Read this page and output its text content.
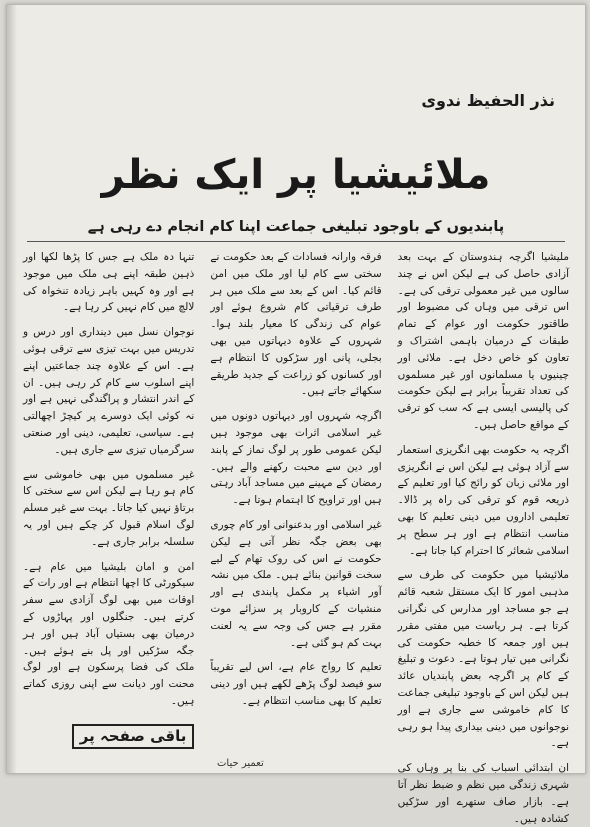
نذر الحفیظ ندوی
ملائیشیا پر ایک نظر
پابندیوں کے باوجود تبلیغی جماعت اپنا کام انجام دے رہی ہے

ملیشیا اگرچہ ہندوستان کے بہت بعد آزادی حاصل کی ہے لیکن اس نے چند سالوں میں غیر معمولی ترقی کی ہے۔ اس ترقی میں وہاں کی مضبوط اور طاقتور حکومت اور عوام کے تمام طبقات کے درمیان باہمی اشتراک و تعاون کو خاص دخل ہے۔ ملائی اور چینیوں یا مسلمانوں اور غیر مسلموں کی تعداد تقریباً برابر ہے لیکن حکومت کی پالیسی ایسی ہے کہ سب کو ترقی کے مواقع حاصل ہیں۔

اگرچہ یہ حکومت بھی انگریزی استعمار سے آزاد ہوئی ہے لیکن اس نے انگریزی اور ملائی زبان کو رائج کیا اور تعلیم کے ذریعہ قوم کو ترقی کی راہ پر ڈالا۔ تعلیمی اداروں میں دینی تعلیم کا بھی مناسب انتظام ہے اور ہر سطح پر اسلامی شعائر کا احترام کیا جاتا ہے۔

ملائیشیا میں حکومت کی طرف سے مذہبی امور کا ایک مستقل شعبہ قائم ہے جو مساجد اور مدارس کی نگرانی کرتا ہے۔ ہر ریاست میں مفتی مقرر ہیں اور جمعہ کا خطبہ حکومت کی نگرانی میں تیار ہوتا ہے۔ دعوت و تبلیغ کے کام پر اگرچہ بعض پابندیاں عائد ہیں لیکن اس کے باوجود تبلیغی جماعت کا کام خاموشی سے جاری ہے اور نوجوانوں میں دینی بیداری پیدا ہو رہی ہے۔

ان ابتدائی اسباب کی بنا پر وہاں کی شہری زندگی میں نظم و ضبط نظر آتا ہے۔ بازار صاف ستھرے اور سڑکیں کشادہ ہیں۔

فرقہ وارانہ فسادات کے بعد حکومت نے سختی سے کام لیا اور ملک میں امن قائم کیا۔ اس کے بعد سے ملک میں ہر طرف ترقیاتی کام شروع ہوئے اور عوام کی زندگی کا معیار بلند ہوا۔ شہروں کے علاوہ دیہاتوں میں بھی بجلی، پانی اور سڑکوں کا انتظام ہے اور کسانوں کو زراعت کے جدید طریقے سکھائے جاتے ہیں۔

اگرچہ شہروں اور دیہاتوں دونوں میں غیر اسلامی اثرات بھی موجود ہیں لیکن عمومی طور پر لوگ نماز کے پابند اور دین سے محبت رکھنے والے ہیں۔ رمضان کے مہینے میں مساجد آباد رہتی ہیں اور تراویح کا اہتمام ہوتا ہے۔

غیر اسلامی اور بدعنوانی اور کام چوری بھی بعض جگہ نظر آتی ہے لیکن حکومت نے اس کی روک تھام کے لیے سخت قوانین بنائے ہیں۔ ملک میں نشہ آور اشیاء پر مکمل پابندی ہے اور منشیات کے کاروبار پر سزائے موت مقرر ہے جس کی وجہ سے یہ لعنت بہت کم ہو گئی ہے۔

تعلیم کا رواج عام ہے، اس لیے تقریباً سو فیصد لوگ پڑھے لکھے ہیں اور دینی تعلیم کا بھی مناسب انتظام ہے۔

تنہا دہ ملک ہے جس کا پڑھا لکھا اور ذہین طبقہ اپنے ہی ملک میں موجود ہے اور وہ کہیں باہر زیادہ تنخواہ کی لالچ میں کام نہیں کر رہا ہے۔

نوجوان نسل میں دینداری اور درس و تدریس میں بہت تیزی سے ترقی ہوئی ہے۔ اس کے علاوہ چند جماعتیں اپنے اپنے اسلوب سے کام کر رہی ہیں۔ ان کے اندر انتشار و پراگندگی نہیں ہے اور نہ کوئی ایک دوسرے پر کیچڑ اچھالتی ہے۔ سیاسی، تعلیمی، دینی اور صنعتی سرگرمیاں تیزی سے جاری ہیں۔

غیر مسلموں میں بھی خاموشی سے کام ہو رہا ہے لیکن اس سے سختی کا برتاؤ نہیں کیا جاتا۔ بہت سے غیر مسلم لوگ اسلام قبول کر چکے ہیں اور یہ سلسلہ برابر جاری ہے۔

امن و امان بلیشیا میں عام ہے۔ سیکورٹی کا اچھا انتظام ہے اور رات کے اوقات میں بھی لوگ آزادی سے سفر کرتے ہیں۔ جنگلوں اور پہاڑوں کے درمیان بھی بستیاں آباد ہیں اور ہر جگہ سڑکیں اور پل بنے ہوئے ہیں۔ ملک کی فضا پرسکون ہے اور لوگ محنت اور دیانت سے اپنی روزی کماتے ہیں۔

باقی صفحہ پر
تعمیر حیات
